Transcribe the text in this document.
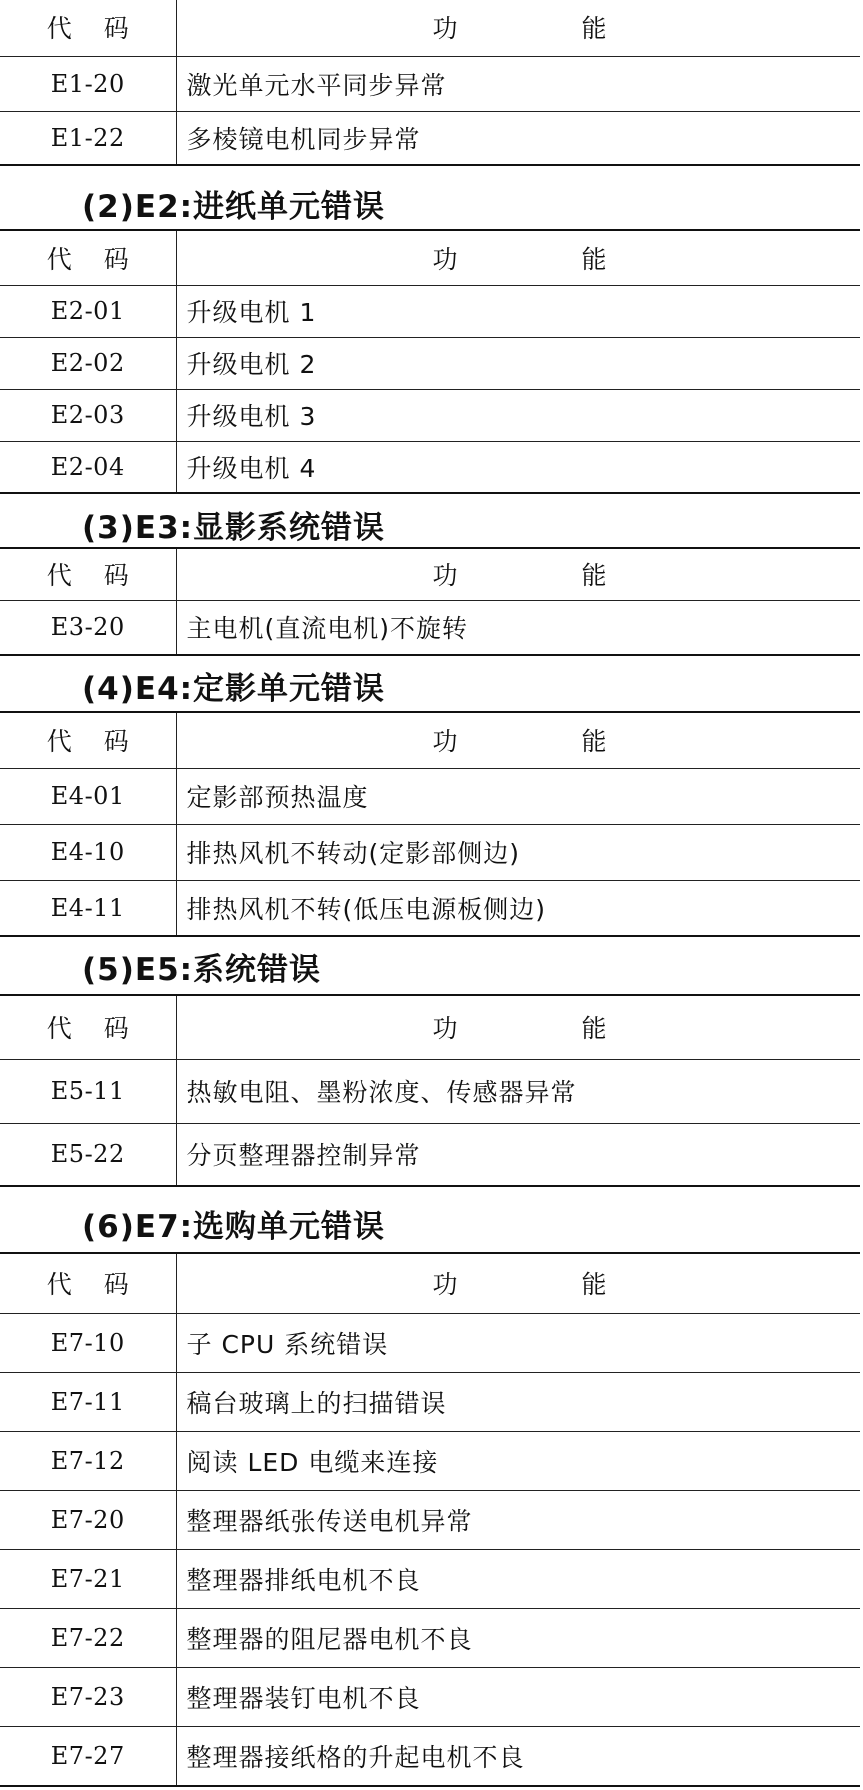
代 码	功 能
E1-20	激光单元水平同步异常
E1-22	多棱镜电机同步异常
(2)E2:进纸单元错误
代 码	功 能
E2-01	升级电机 1
E2-02	升级电机 2
E2-03	升级电机 3
E2-04	升级电机 4
(3)E3:显影系统错误
代 码	功 能
E3-20	主电机(直流电机)不旋转
(4)E4:定影单元错误
代 码	功 能
E4-01	定影部预热温度
E4-10	排热风机不转动(定影部侧边)
E4-11	排热风机不转(低压电源板侧边)
(5)E5:系统错误
代 码	功 能
E5-11	热敏电阻、墨粉浓度、传感器异常
E5-22	分页整理器控制异常
(6)E7:选购单元错误
代 码	功 能
E7-10	子 CPU 系统错误
E7-11	稿台玻璃上的扫描错误
E7-12	阅读 LED 电缆来连接
E7-20	整理器纸张传送电机异常
E7-21	整理器排纸电机不良
E7-22	整理器的阻尼器电机不良
E7-23	整理器装钉电机不良
E7-27	整理器接纸格的升起电机不良
